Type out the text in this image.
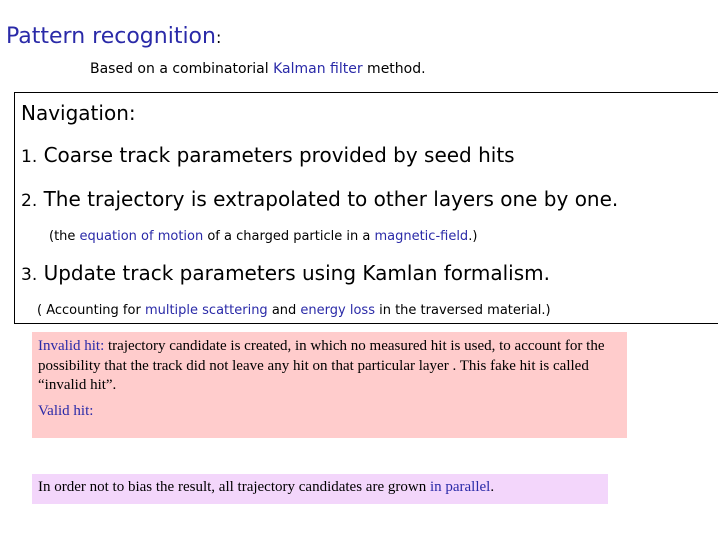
Pattern recognition:
Based on a combinatorial Kalman filter method.
Navigation:
1. Coarse track parameters provided by seed hits
2. The trajectory is extrapolated to other layers one by one.
(the equation of motion of a charged particle in a magnetic-field.)
3. Update track parameters using Kamlan formalism.
( Accounting for multiple scattering and energy loss in the traversed material.)

Invalid hit: trajectory candidate is created, in which no measured hit is used, to account for the possibility that the track did not leave any hit on that particular layer . This fake hit is called “invalid hit”.

Valid hit:

In order not to bias the result, all trajectory candidates are grown in parallel.
